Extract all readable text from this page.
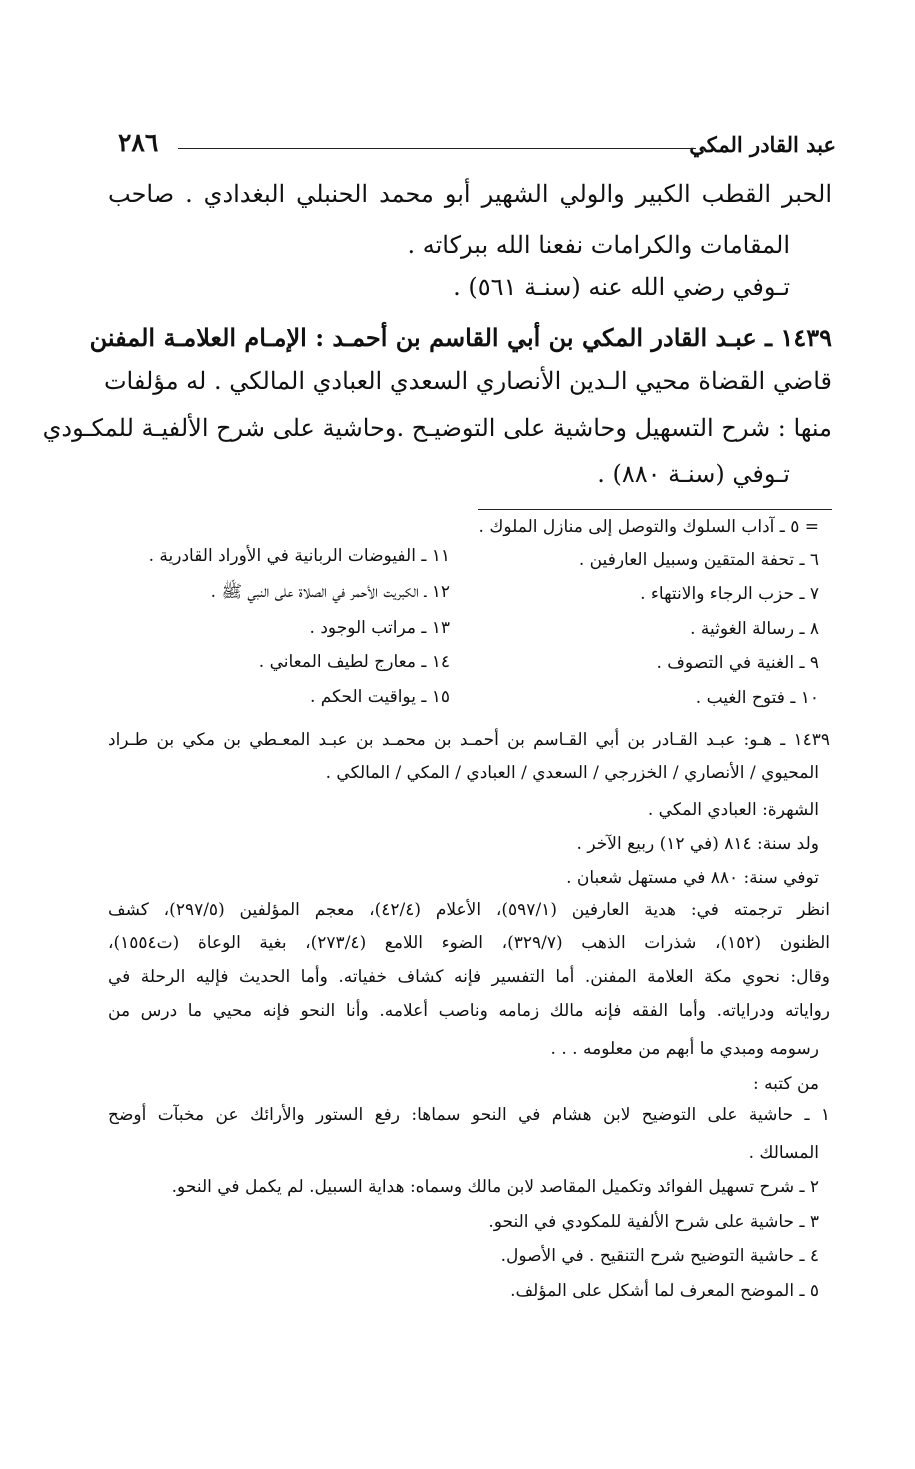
عبد القادر المكي
٢٨٦
الحبر القطب الكبير والولي الشهير أبو محمد الحنبلي البغدادي . صاحب
المقامات والكرامات نفعنا الله ببركاته .
تـوفي رضي الله عنه (سنـة ٥٦١) .
١٤٣٩ ـ عبـد القادر المكي بن أبي القاسم بن أحمـد : الإمـام العلامـة المفنن
قاضي القضاة محيي الـدين الأنصاري السعدي العبادي المالكي . له مؤلفات
منها : شرح التسهيل وحاشية على التوضيـح .وحاشية على شرح الألفيـة للمكـودي
تـوفي (سنـة ٨٨٠) .
= ٥ ـ آداب السلوك والتوصل إلى منازل الملوك .
٦ ـ تحفة المتقين وسبيل العارفين .
٧ ـ حزب الرجاء والانتهاء .
٨ ـ رسالة الغوثية .
٩ ـ الغنية في التصوف .
١٠ ـ فتوح الغيب .
١١ ـ الفيوضات الربانية في الأوراد القادرية .
١٢ ـ الكبريت الأحمر في الصلاة على النبي ﷺ .
١٣ ـ مراتب الوجود .
١٤ ـ معارج لطيف المعاني .
١٥ ـ يواقيت الحكم .
١٤٣٩ ـ هـو: عبـد القـادر بن أبي القـاسم بن أحمـد بن محمـد بن عبـد المعـطي بن مكي بن طـراد
المحيوي / الأنصاري / الخزرجي / السعدي / العبادي / المكي / المالكي .
الشهرة: العبادي المكي .
ولد سنة: ٨١٤ (في ١٢) ربيع الآخر .
توفي سنة: ٨٨٠ في مستهل شعبان .
انظر ترجمته في: هدية العارفين (٥٩٧/١)، الأعلام (٤٢/٤)، معجم المؤلفين (٢٩٧/٥)، كشف
الظنون (١٥٢)، شذرات الذهب (٣٢٩/٧)، الضوء اللامع (٢٧٣/٤)، بغية الوعاة (ت١٥٥٤)،
وقال: نحوي مكة العلامة المفنن. أما التفسير فإنه كشاف خفياته. وأما الحديث فإليه الرحلة في
رواياته ودراياته. وأما الفقه فإنه مالك زمامه وناصب أعلامه. وأنا النحو فإنه محيي ما درس من
رسومه ومبدي ما أبهم من معلومه . . .
من كتبه :
١ ـ حاشية على التوضيح لابن هشام في النحو سماها: رفع الستور والأرائك عن مخبآت أوضح
المسالك .
٢ ـ شرح تسهيل الفوائد وتكميل المقاصد لابن مالك وسماه: هداية السبيل. لم يكمل في النحو.
٣ ـ حاشية على شرح الألفية للمكودي في النحو.
٤ ـ حاشية التوضيح شرح التنقيح . في الأصول.
٥ ـ الموضح المعرف لما أشكل على المؤلف.
